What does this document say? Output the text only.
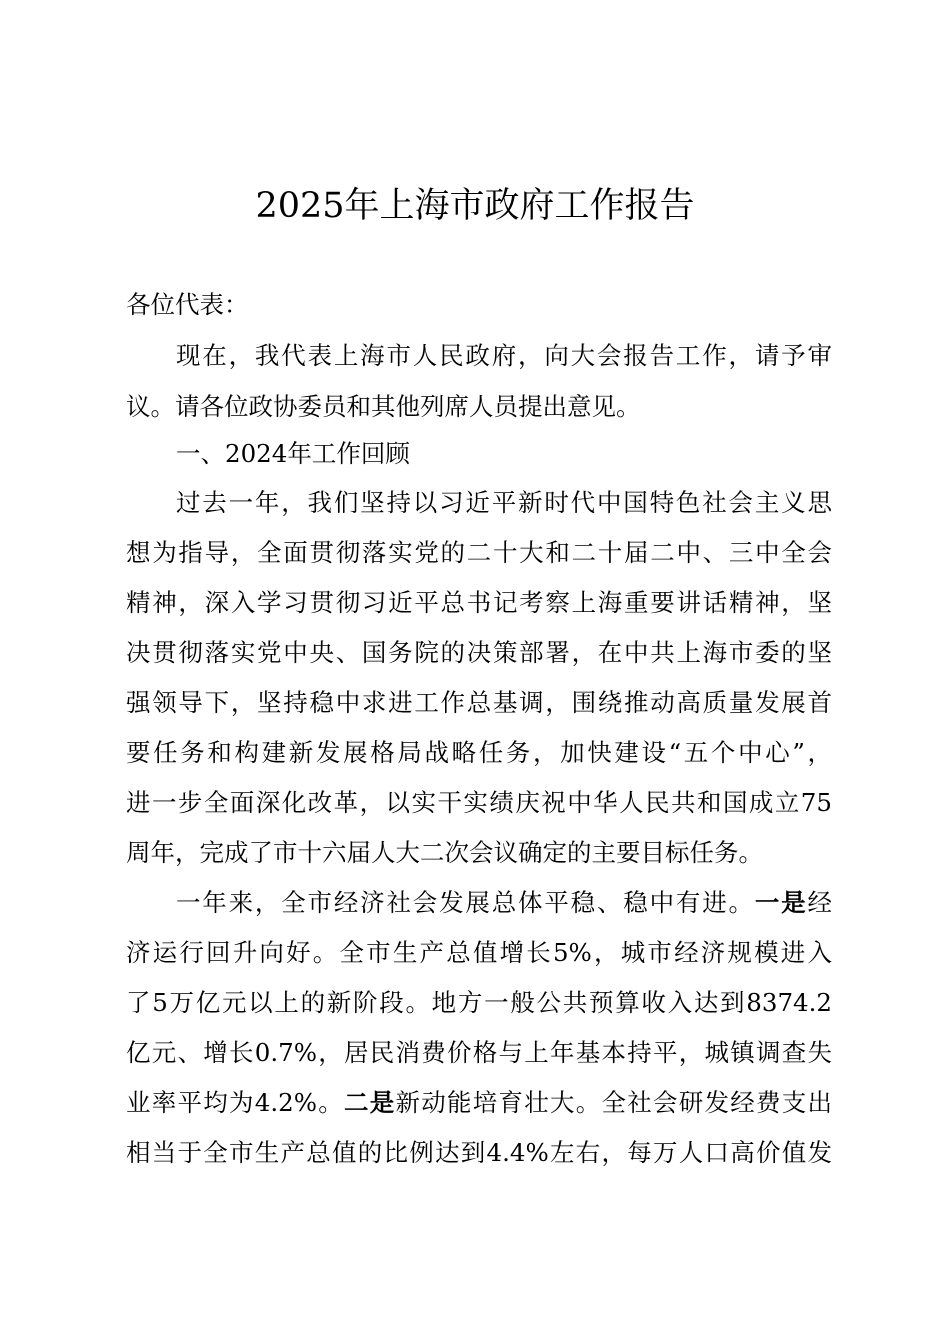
2025年上海市政府工作报告
各位代表：
现在，我代表上海市人民政府，向大会报告工作，请予审
议。请各位政协委员和其他列席人员提出意见。
一、2024年工作回顾
过去一年，我们坚持以习近平新时代中国特色社会主义思
想为指导，全面贯彻落实党的二十大和二十届二中、三中全会
精神，深入学习贯彻习近平总书记考察上海重要讲话精神，坚
决贯彻落实党中央、国务院的决策部署，在中共上海市委的坚
强领导下，坚持稳中求进工作总基调，围绕推动高质量发展首
要任务和构建新发展格局战略任务，加快建设“五个中心”，
进一步全面深化改革，以实干实绩庆祝中华人民共和国成立75
周年，完成了市十六届人大二次会议确定的主要目标任务。
一年来，全市经济社会发展总体平稳、稳中有进。一是经
济运行回升向好。全市生产总值增长5%，城市经济规模进入
了5万亿元以上的新阶段。地方一般公共预算收入达到8374.2
亿元、增长0.7%，居民消费价格与上年基本持平，城镇调查失
业率平均为4.2%。二是新动能培育壮大。全社会研发经费支出
相当于全市生产总值的比例达到4.4%左右，每万人口高价值发
